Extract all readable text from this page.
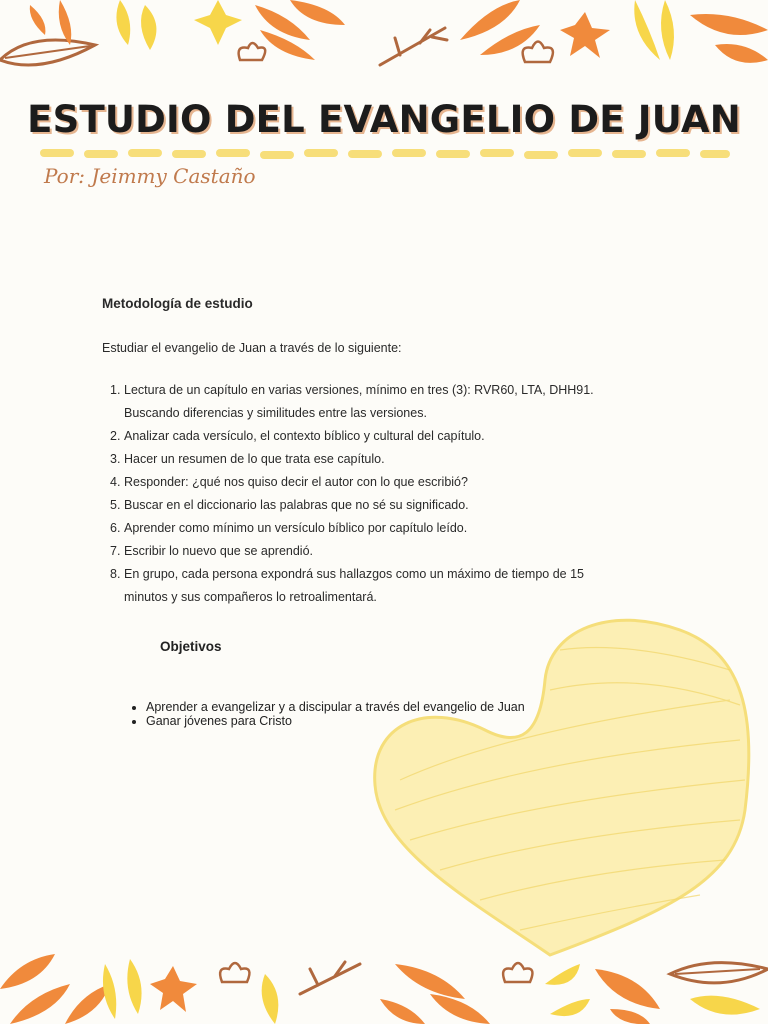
ESTUDIO DEL EVANGELIO DE JUAN
Por: Jeimmy Castaño

Metodología de estudio

Estudiar el evangelio de Juan a través de lo siguiente:

1. Lectura de un capítulo en varias versiones, mínimo en tres (3): RVR60, LTA, DHH91.
Buscando diferencias y similitudes entre las versiones.
2. Analizar cada versículo, el contexto bíblico y cultural del capítulo.
3. Hacer un resumen de lo que trata ese capítulo.
4. Responder: ¿qué nos quiso decir el autor con lo que escribió?
5. Buscar en el diccionario las palabras que no sé su significado.
6. Aprender como mínimo un versículo bíblico por capítulo leído.
7. Escribir lo nuevo que se aprendió.
8. En grupo, cada persona expondrá sus hallazgos como un máximo de tiempo de 15
minutos y sus compañeros lo retroalimentará.

Objetivos

• Aprender a evangelizar y a discipular a través del evangelio de Juan
• Ganar jóvenes para Cristo
